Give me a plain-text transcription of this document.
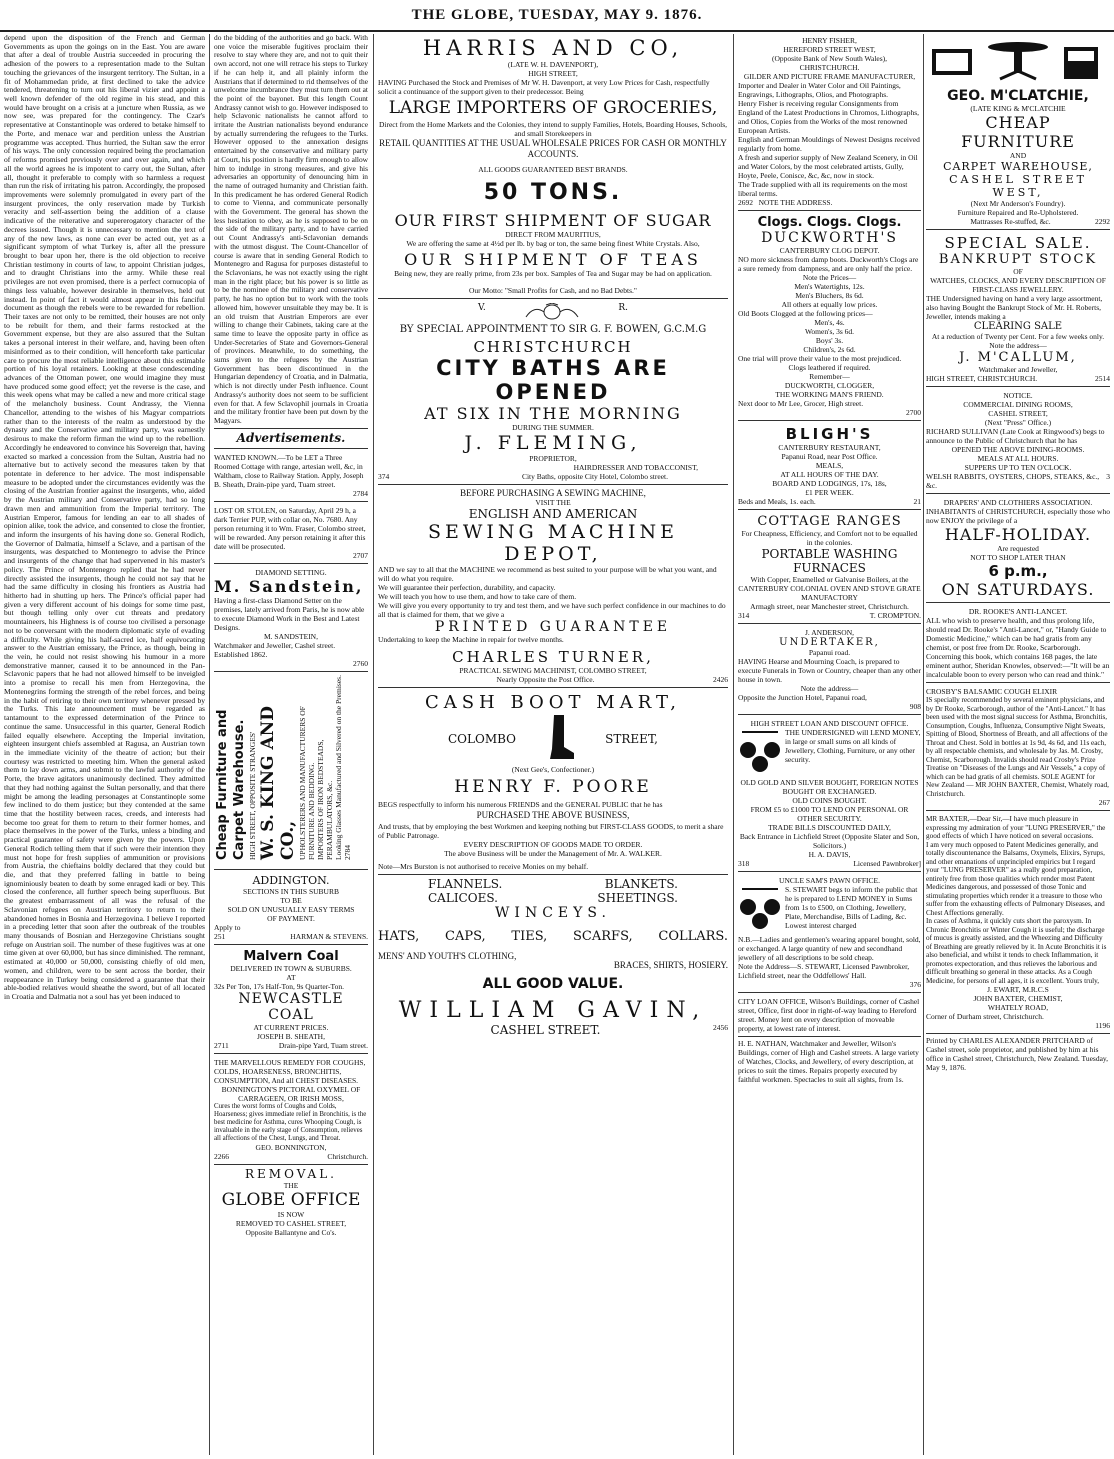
THE GLOBE, TUESDAY, MAY 9. 1876.

depend upon the disposition of the French and German Governments as upon the goings on in the East. You are aware that after a deal of trouble Austria succeeded in procuring the adhesion of the powers to a representation made to the Sultan touching the grievances of the insurgent territory. The Sultan, in a fit of Mohammedan pride, at first declined to take the advice tendered, threatening to turn out his liberal vizier and appoint a well known defender of the old regime in his stead, and this would have brought on a crisis at a juncture when Russia, as we now see, was prepared for the contingency. The Czar's representative at Constantinople was ordered to betake himself to the Porte, and menace war and perdition unless the Austrian programme was accepted. Thus hurried, the Sultan saw the error of his ways. The only concession required being the proclamation of reforms promised previously over and over again, and which all the world agrees he is impotent to carry out, the Sultan, after all, thought it preferable to comply with so harmless a request than run the risk of irritating his patron. Accordingly, the proposed improvements were solemnly promulgated in every part of the insurgent provinces, the only reservation made by Turkish veracity and self-assertion being the addition of a clause indicative of the reiterative and supererogatory character of the decrees issued. Though it is unnecessary to mention the text of any of the new laws, as none can ever be acted out, yet as a significant symptom of what Turkey is, after all the pressure brought to bear upon her, there is the old objection to receive Christian testimony in courts of law, to appoint Christian judges, and to draught Christians into the army. While these real privileges are not even promised, there is a perfect cornucopia of things less valuable, however desirable in themselves, held out instead. In point of fact it would almost appear in this fanciful document as though the rebels were to be rewarded for rebellion. Their taxes are not only to be remitted, their houses are not only to be rebuilt for them, and their farms restocked at the Government expense, but they are also assured that the Sultan takes a personal interest in their welfare, and, having been often misinformed as to their condition, will henceforth take particular care to procure the most reliable intelligence about this estimable portion of his loyal retainers. Looking at these condescending advances of the Ottoman power, one would imagine they must have produced some good effect; yet the reverse is the case, and this week opens what may be called a new and more critical stage of the melancholy business. Count Andrassy, the Vienna Chancellor, attending to the wishes of his Magyar compatriots rather than to the interests of the realm as understood by the dynasty and the Conservative and military party, was earnestly desirous to make the reform firman the wind up to the rebellion. Accordingly he endeavored to convince his Sovereign that, having exacted so marked a concession from the Sultan, Austria had no alternative but to actively second the measures taken by that potentate in deference to her advice. The most indispensable measure to be adopted under the circumstances evidently was the closing of the Austrian frontier against the insurgents, who, aided by the Austrian military and Conservative party, had so long drawn men and ammunition from the Imperial territory. The Austrian Emperor, famous for lending an ear to all shades of opinion alike, took the advice, and consented to close the frontier, and inform the insurgents of his having done so. General Rodich, the Governor of Dalmatia, himself a Sclave, and a partisan of the insurgents, was despatched to Montenegro to advise the Prince and insurgents of the change that had supervened in his master's policy. The Prince of Montenegro replied that he had never directly assisted the insurgents, though he could not say that he had the same difficulty in closing his frontiers as Austria had hitherto had in shutting up hers. The Prince's official paper had given a very different account of his doings for some time past, but though telling only over cut threats and predatory mountaineers, his Highness is of course too civilised a personage not to be conversant with the modern diplomatic style of evading a difficulty. While giving his half-sacred ice, half equivocating answer to the Austrian emissary, the Prince, as though, being in the vein, he could not resist showing his humour in a more demonstrative manner, caused it to be announced in the Pan-Sclavonic papers that he had not allowed himself to be inveigled into a promise to recall his men from Herzegovina, the Montenegrins forming the strength of the rebel forces, and being in the habit of retiring to their own territory whenever pressed by the Turks. This late announcement must be regarded as tantamount to the expressed determination of the Prince to continue the same. Unsuccessful in this quarter, General Rodich failed equally elsewhere. Accepting the Imperial invitation, eighteen insurgent chiefs assembled at Ragusa, an Austrian town in the immediate vicinity of the theatre of action; but their courtesy was restricted to meeting him. When the general asked them to lay down arms, and submit to the lawful authority of the Porte, the brave agitators unanimously declined. They admitted that they had nothing against the Sultan personally, and that there might be among the leading personages at Constantinople some few inclined to do them justice; but they contended at the same time that the hostility between races, creeds, and interests had become too great for them to return to their former homes, and place themselves in the power of the Turks, unless a binding and practical guarantee of safety were given by the powers. Upon General Rodich telling them that if such were their intention they must not hope for fresh supplies of ammunition or provisions from Austria, the chieftains boldly declared that they could but die, and that they preferred falling in battle to being ignominiously beaten to death by some enraged kadi or bey. This closed the conference, all further speech being superfluous. But the greatest embarrassment of all was the refusal of the Sclavonian refugees on Austrian territory to return to their abandoned homes in Bosnia and Herzegovina. I believe I reported in a preceding letter that soon after the outbreak of the troubles many thousands of Bosnian and Herzegovine Christians sought refuge on Austrian soil. The number of these fugitives was at one time given at over 60,000, but has since diminished. The remnant, estimated at 40,000 or 50,000, consisting chiefly of old men, women, and children, were to be sent across the border, their reappearance in Turkey being considered a guarantee that their able-bodied relatives would sheathe the sword, but of all located in Croatia and Dalmatia not a soul has yet been induced to

do the bidding of the authorities and go back. With one voice the miserable fugitives proclaim their resolve to stay where they are, and not to quit their own accord, not one will retrace his steps to Turkey if he can help it, and all plainly inform the Austrians that if determined to rid themselves of the unwelcome incumbrance they must turn them out at the point of the bayonet. But this length Count Andrassy cannot wish to go. However indisposed to help Sclavonic nationalists he cannot afford to irritate the Austrian nationalists beyond endurance by actually surrendering the refugees to the Turks. However opposed to the annexation designs entertained by the conservative and military party at Court, his position is hardly firm enough to allow him to indulge in strong measures, and give his adversaries an opportunity of denouncing him in the name of outraged humanity and Christian faith. In this predicament he has ordered General Rodich to come to Vienna, and communicate personally with the Government. The general has shown the less hesitation to obey, as he is supposed to be on the side of the military party, and to have carried out Count Andrassy's anti-Sclavonian demands with the utmost disgust. The Count-Chancellor of course is aware that in sending General Rodich to Montenegro and Ragusa for purposes distasteful to the Sclavonians, he was not exactly using the right man in the right place; but his power is so little as to be the nominee of the military and conservative party, he has no option but to work with the tools allowed him, however unsuitable they may be. It is an old truism that Austrian Emperors are ever willing to change their Cabinets, taking care at the same time to leave the opposite party in office as Under-Secretaries of State and Governors-General of provinces. Meanwhile, to do something, the sums given to the refugees by the Austrian Government has been discontinued in the Hungarian dependency of Croatia, and in Dalmatia, which is not directly under Pesth influence. Count Andrassy's authority does not seem to be sufficient even for that. A few Sclavophil journals in Croatia and the military frontier have been put down by the Magyars.

Advertisements.
WANTED KNOWN.—To be LET a Three Roomed Cottage with range, artesian well, &c, in Waltham, close to Railway Station. Apply, Joseph B. Sheath, Drain-pipe yard, Tuam street.
2784
LOST OR STOLEN, on Saturday, April 29 h, a dark Terrier PUP, with collar on, No. 7680. Any person returning it to Wm. Fraser, Colombo street, will be rewarded. Any person retaining it after this date will be prosecuted.
2707
DIAMOND SETTING.
M. Sandstein,
Having a first-class Diamond Setter on the premises, lately arrived from Paris, he is now able to execute Diamond Work in the Best and Latest Designs.
M. SANDSTEIN,
Watchmaker and Jeweller, Cashel street. Established 1862.
2760
Cheap Furniture and Carpet Warehouse. HIGH STREET, OPPOSITE STRANGES' W. S. KING AND CO., UPHOLSTERERS AND MANUFACTURERS OF FURNITURE AND BEDDING. IMPORTERS OF IRON BEDSTEADS, PERAMBULATORS, &c. Looking Glasses Manufactured and Silvered on the Premises. 2784
ADDINGTON.
SECTIONS IN THIS SUBURB
TO BE
SOLD ON UNUSUALLY EASY TERMS
OF PAYMENT.
Apply to
251	HARMAN & STEVENS.
Malvern Coal
DELIVERED IN TOWN & SUBURBS.
AT
32s Per Ton, 17s Half-Ton, 9s Quarter-Ton.
NEWCASTLE COAL
AT CURRENT PRICES.
JOSEPH B. SHEATH,
2711	Drain-pipe Yard, Tuam street.
THE MARVELLOUS REMEDY FOR COUGHS, COLDS, HOARSENESS, BRONCHITIS, CONSUMPTION, And all CHEST DISEASES.
BONNINGTON'S PICTORAL OXYMEL OF CARRAGEEN, OR IRISH MOSS,
Cures the worst forms of Coughs and Colds, Hoarseness; gives immediate relief in Bronchitis, is the best medicine for Asthma, cures Whooping Cough, is invaluable in the early stage of Consumption, relieves all affections of the Chest, Lungs, and Throat.
GEO. BONNINGTON,
2266	Christchurch.
REMOVAL.
THE
GLOBE OFFICE
IS NOW
REMOVED TO CASHEL STREET,
Opposite Ballantyne and Co's.
HARRIS AND CO,
(LATE W. H. DAVENPORT),
HIGH STREET,
HAVING Purchased the Stock and Premises of Mr W. H. Davenport, at very Low Prices for Cash, respectfully solicit a continuance of the support given to their predecessor. Being
LARGE IMPORTERS OF GROCERIES,
Direct from the Home Markets and the Colonies, they intend to supply Families, Hotels, Boarding Houses, Schools, and small Storekeepers in
RETAIL QUANTITIES AT THE USUAL WHOLESALE PRICES FOR CASH OR MONTHLY ACCOUNTS.
ALL GOODS GUARANTEED BEST BRANDS.
50 TONS.
OUR FIRST SHIPMENT OF SUGAR
DIRECT FROM MAURITIUS,
We are offering the same at 4½d per lb. by bag or ton, the same being finest White Crystals. Also,
OUR SHIPMENT OF TEAS
Being new, they are really prime, from 23s per box. Samples of Tea and Sugar may be had on application.
Our Motto: "Small Profits for Cash, and no Bad Debts."
V.	R.
BY SPECIAL APPOINTMENT TO SIR G. F. BOWEN, G.C.M.G
CHRISTCHURCH
CITY BATHS ARE OPENED
AT SIX IN THE MORNING
DURING THE SUMMER.
J. FLEMING,
PROPRIETOR,
HAIRDRESSER AND TOBACCONIST,
374	City Baths, opposite City Hotel, Colombo street.
BEFORE PURCHASING A SEWING MACHINE,
VISIT THE
ENGLISH AND AMERICAN
SEWING MACHINE DEPOT,
AND we say to all that the MACHINE we recommend as best suited to your purpose will be what you want, and will do what you require.
We will guarantee their perfection, durability, and capacity.
We will teach you how to use them, and how to take care of them.
We will give you every opportunity to try and test them, and we have such perfect confidence in our machines to do all that is claimed for them, that we give a
PRINTED GUARANTEE
Undertaking to keep the Machine in repair for twelve months.
CHARLES TURNER,
PRACTICAL SEWING MACHINIST, COLOMBO STREET,
Nearly Opposite the Post Office.	2426
CASH BOOT MART,
COLOMBO	STREET,
(Next Gee's, Confectioner.)
HENRY F. POORE
BEGS respectfully to inform his numerous FRIENDS and the GENERAL PUBLIC that he has
PURCHASED THE ABOVE BUSINESS,
And trusts, that by employing the best Workmen and keeping nothing but FIRST-CLASS GOODS, to merit a share of Public Patronage.
EVERY DESCRIPTION OF GOODS MADE TO ORDER.
The above Business will be under the Management of Mr. A. WALKER.
Note—Mrs Burston is not authorised to receive Monies on my behalf.
FLANNELS.	BLANKETS.
CALICOES.	SHEETINGS.
WINCEYS.
HATS, CAPS, TIES, SCARFS, COLLARS.
MENS' AND YOUTH'S CLOTHING,
BRACES, SHIRTS, HOSIERY.
ALL GOOD VALUE.
WILLIAM GAVIN,
CASHEL STREET.	2456
HENRY FISHER,
HEREFORD STREET WEST,
(Opposite Bank of New South Wales),
CHRISTCHURCH.
GILDER AND PICTURE FRAME MANUFACTURER,
Importer and Dealer in Water Color and Oil Paintings, Engravings, Lithographs, Olios, and Photographs.
Henry Fisher is receiving regular Consignments from England of the Latest Productions in Chromos, Lithographs, and Olios, Copies from the Works of the most renowned European Artists.
English and German Mouldings of Newest Designs received regularly from home.
A fresh and superior supply of New Zealand Scenery, in Oil and Water Colors, by the most celebrated artists, Gully, Hoyte, Peele, Conisce, &c, &c, now in stock.
The Trade supplied with all its requirements on the most liberal terms.
2692 NOTE THE ADDRESS.
Clogs. Clogs. Clogs.
DUCKWORTH'S
CANTERBURY CLOG DEPOT.
NO more sickness from damp boots. Duckworth's Clogs are a sure remedy from dampness, and are only half the price.
Note the Prices—
Men's Watertights, 12s.
Men's Bluchers, 8s 6d.
All others at equally low prices.
Old Boots Clogged at the following prices—
Men's, 4s.
Women's, 3s 6d.
Boys' 3s.
Children's, 2s 6d.
One trial will prove their value to the most prejudiced.
Clogs leathered if required.
Remember—
DUCKWORTH, CLOGGER,
THE WORKING MAN'S FRIEND.
Next door to Mr Lee, Grocer, High street.
2700
BLIGH'S
CANTERBURY RESTAURANT,
Papanui Road, near Post Office.
MEALS,
AT ALL HOURS OF THE DAY.
BOARD AND LODGINGS, 17s, 18s,
£1 PER WEEK.
Beds and Meals, 1s. each.	21
COTTAGE RANGES
For Cheapness, Efficiency, and Comfort not to be equalled in the colonies.
PORTABLE WASHING FURNACES
With Copper, Enamelled or Galvanise Boilers, at the
CANTERBURY COLONIAL OVEN AND STOVE GRATE MANUFACTORY
Armagh street, near Manchester street, Christchurch.
314	T. CROMPTON.
J. ANDERSON,
UNDERTAKER,
Papanui road.
HAVING Hearse and Mourning Coach, is prepared to execute Funerals in Town or Country, cheaper than any other house in town.
Note the address—
Opposite the Junction Hotel, Papanui road,
908
HIGH STREET LOAN AND DISCOUNT OFFICE.
THE UNDERSIGNED will LEND MONEY, in large or small sums on all kinds of Jewellery, Clothing, Furniture, or any other security.
OLD GOLD AND SILVER BOUGHT, FOREIGN NOTES BOUGHT OR EXCHANGED.
OLD COINS BOUGHT.
FROM £5 to £1000 TO LEND ON PERSONAL OR OTHER SECURITY.
TRADE BILLS DISCOUNTED DAILY,
Back Entrance in Lichfield Street (Opposite Slater and Son, Solicitors.)
H. A. DAVIS,
318	Licensed Pawnbroker]
UNCLE SAM'S PAWN OFFICE.
S. STEWART begs to inform the public that he is prepared to LEND MONEY in Sums from 1s to £500, on Clothing, Jewellery, Plate, Merchandise, Bills of Lading, &c. Lowest interest charged
N.B.—Ladies and gentlemen's wearing apparel bought, sold, or exchanged. A large quantity of new and secondhand jewellery of all descriptions to be sold cheap.
Note the Address—S. STEWART, Licensed Pawnbroker, Lichfield street, near the Oddfellows' Hall.
376
CITY LOAN OFFICE, Wilson's Buildings, corner of Cashel street, Office, first door in right-of-way leading to Hereford street. Money lent on every description of moveable property, at lowest rate of interest.
H. E. NATHAN, Watchmaker and Jeweller, Wilson's Buildings, corner of High and Cashel streets. A large variety of Watches, Clocks, and Jewellery, of every description, at prices to suit the times. Repairs properly executed by faithful workmen. Spectacles to suit all sights, from 1s.
GEO. M'CLATCHIE,
(LATE KING & M'CLATCHIE
CHEAP FURNITURE
AND
CARPET WAREHOUSE,
CASHEL STREET WEST,
(Next Mr Anderson's Foundry).
Furniture Repaired and Re-Upholstered.
Mattrasses Re-stuffed, &c.	2292
SPECIAL SALE.
BANKRUPT STOCK
OF
WATCHES, CLOCKS, AND EVERY DESCRIPTION OF FIRST-CLASS JEWELLERY.
THE Undersigned having on hand a very large assortment, also having Bought the Bankrupt Stock of Mr. H. Roberts, Jeweller, intends making a
CLEARING SALE
At a reduction of Twenty per Cent. For a few weeks only.
Note the address—
J. M'CALLUM,
Watchmaker and Jeweller,
HIGH STREET, CHRISTCHURCH.	2514
NOTICE.
COMMERCIAL DINING ROOMS,
CASHEL STREET,
(Next "Press" Office.)
RICHARD SULLIVAN (Late Cook at Ringwood's) begs to announce to the Public of Christchurch that he has
OPENED THE ABOVE DINING-ROOMS.
MEALS AT ALL HOURS.
SUPPERS UP TO TEN O'CLOCK.
WELSH RABBITS, OYSTERS, CHOPS, STEAKS, &c., &c.
3
DRAPERS' AND CLOTHIERS ASSOCIATION.
INHABITANTS of CHRISTCHURCH, especially those who now ENJOY the privilege of a
HALF-HOLIDAY.
Are requested
NOT TO SHOP LATER THAN
6 p.m.,
ON SATURDAYS.
DR. ROOKE'S ANTI-LANCET.
ALL who wish to preserve health, and thus prolong life, should read Dr. Rooke's "Anti-Lancet," or, "Handy Guide to Domestic Medicine," which can be had gratis from any chemist, or post free from Dr. Rooke, Scarborough. Concerning this book, which contains 168 pages, the late eminent author, Sheridan Knowles, observed:—"It will be an incalculable boon to every person who can read and think."
CROSBY'S BALSAMIC COUGH ELIXIR
IS specially recommended by several eminent physicians, and by Dr Rooke, Scarborough, author of the "Anti-Lancet." It has been used with the most signal success for Asthma, Bronchitis, Consumption, Coughs, Influenza, Consumptive Night Sweats, Spitting of Blood, Shortness of Breath, and all affections of the Throat and Chest. Sold in bottles at 1s 9d, 4s 6d, and 11s each, by all respectable chemists, and wholesale by Jas. M. Crosby, Chemist, Scarborough. Invalids should read Crosby's Prize Treatise on "Diseases of the Lungs and Air Vessels," a copy of which can be had gratis of all chemists. SOLE AGENT for New Zealand — MR JOHN BAXTER, Chemist, Whately road, Christchurch.
267
MR BAXTER,—Dear Sir,—I have much pleasure in expressing my admiration of your "LUNG PRESERVER," the good effects of which I have noticed on several occasions.
I am very much opposed to Patent Medicines generally, and totally discountenance the Balsams, Oxymels, Elixirs, Syrups, and other emanations of unprincipled empirics but I regard your "LUNG PRESERVER" as a really good preparation, entirely free from those qualities which render most Patent Medicines dangerous, and possessed of those Tonic and stimulating properties which render it a treasure to those who suffer from the exhausting effects of Pulmonary Diseases, and Chest Affections generally.
In cases of Asthma, it quickly cuts short the paroxysm. In Chronic Bronchitis or Winter Cough it is useful; the discharge of mucus is greatly assisted, and the Wheezing and Difficulty of Breathing are greatly relieved by it. In Acute Bronchitis it is also beneficial, and whilst it tends to check Inflammation, it promotes expectoration, and thus relieves the laborious and difficult breathing so general in these attacks. As a Cough Medicine, for persons of all ages, it is excellent. Yours truly,
J. EWART, M.R.C.S
JOHN BAXTER, CHEMIST,
WHATELY ROAD,
Corner of Durham street, Christchurch.
1196
Printed by CHARLES ALEXANDER PRITCHARD of Cashel street, sole proprietor, and published by him at his office in Cashel street, Christchurch, New Zealand. Tuesday, May 9, 1876.
